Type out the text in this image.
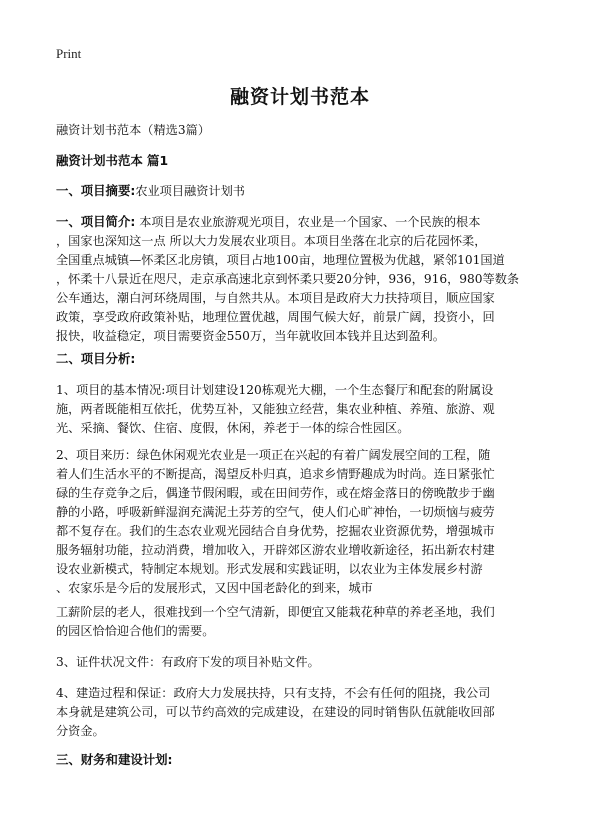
Print
融资计划书范本
融资计划书范本（精选3篇）
融资计划书范本 篇1
一、项目摘要:农业项目融资计划书
一、项目简介: 本项目是农业旅游观光项目，农业是一个国家、一个民族的根本
，国家也深知这一点 所以大力发展农业项目。本项目坐落在北京的后花园怀柔，
全国重点城镇—怀柔区北房镇，项目占地100亩，地理位置极为优越，紧邻101国道
，怀柔十八景近在咫尺，走京承高速北京到怀柔只要20分钟，936，916，980等数条
公车通达，潮白河环绕周围，与自然共从。本项目是政府大力扶持项目，顺应国家
政策，享受政府政策补贴，地理位置优越，周围气候大好，前景广阔，投资小，回
报快，收益稳定，项目需要资金550万，当年就收回本钱并且达到盈利。
二、项目分析:
1、项目的基本情况:项目计划建设120栋观光大棚，一个生态餐厅和配套的附属设
施，两者既能相互依托，优势互补，又能独立经营，集农业种植、养殖、旅游、观
光、采摘、餐饮、住宿、度假，休闲，养老于一体的综合性园区。
2、项目来历：绿色休闲观光农业是一项正在兴起的有着广阔发展空间的工程，随
着人们生活水平的不断提高，渴望反朴归真，追求乡情野趣成为时尚。连日紧张忙
碌的生存竞争之后，偶逢节假闲暇，或在田间劳作，或在熔金落日的傍晚散步于幽
静的小路，呼吸新鲜湿润充满泥土芬芳的空气，使人们心旷神怡，一切烦恼与疲劳
都不复存在。我们的生态农业观光园结合自身优势，挖掘农业资源优势，增强城市
服务辐射功能，拉动消费，增加收入，开辟郊区游农业增收新途径，拓出新农村建
设农业新模式，特制定本规划。形式发展和实践证明，以农业为主体发展乡村游
、农家乐是今后的发展形式，又因中国老龄化的到来，城市
工薪阶层的老人，很难找到一个空气清新，即便宜又能栽花种草的养老圣地，我们
的园区恰恰迎合他们的需要。
3、证件状况文件：有政府下发的项目补贴文件。
4、建造过程和保证：政府大力发展扶持，只有支持，不会有任何的阻挠，我公司
本身就是建筑公司，可以节约高效的完成建设，在建设的同时销售队伍就能收回部
分资金。
三、财务和建设计划:
